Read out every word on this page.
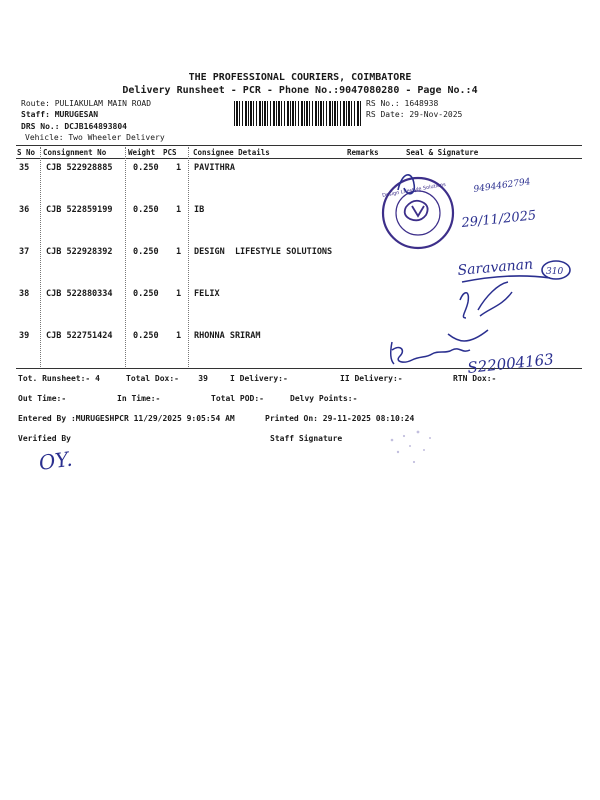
THE PROFESSIONAL COURIERS, COIMBATORE
Delivery Runsheet - PCR - Phone No.:9047080280 - Page No.:4
Route: PULIAKULAM MAIN ROAD
Staff: MURUGESAN
DRS No.: DCJB164893804
Vehicle: Two Wheeler Delivery
RS No.: 1648938
RS Date: 29-Nov-2025
S No Consignment No	Weight PCS Consignee Details	Remarks	Seal & Signature
35 CJB 522928885 0.250 1 PAVITHRA
36 CJB 522859199 0.250 1 IB
37 CJB 522928392 0.250 1 DESIGN  LIFESTYLE SOLUTIONS
38 CJB 522880334 0.250 1 FELIX
39 CJB 522751424 0.250 1 RHONNA SRIRAM
Tot. Runsheet:- 4	Total Dox:-    39	I Delivery:-	II Delivery:-	RTN Dox:-
Out Time:-	In Time:-	Total POD:-	Delvy Points:-
Entered By :MURUGESHPCR 11/29/2025 9:05:54 AM	Printed On: 29-11-2025 08:10:24
Verified By	Staff Signature
Design Lifestyle Solutions
29/11/2025
9494462794
Saravanan 310
S22004163
OY.
